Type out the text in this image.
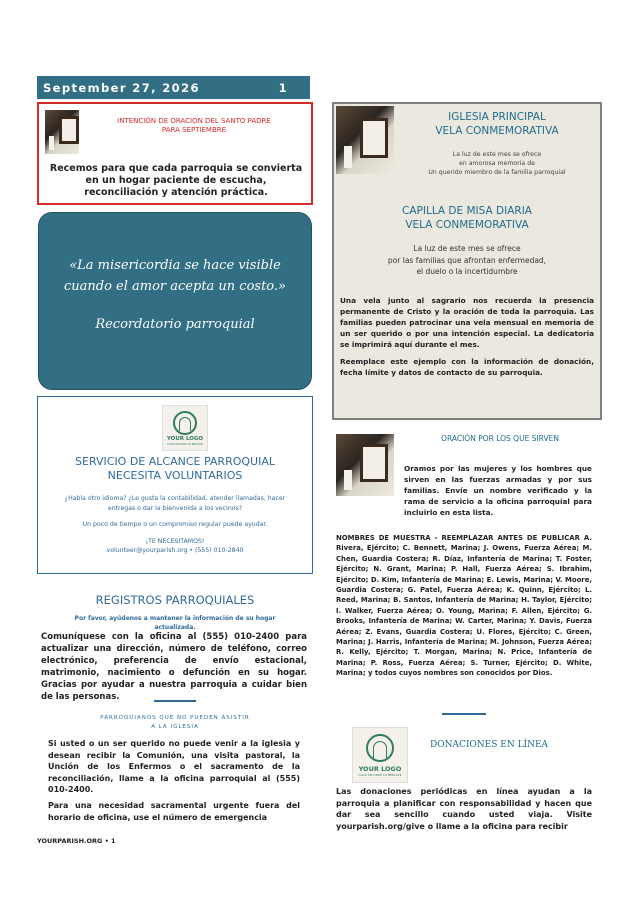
September 27, 2026	1
INTENCIÓN DE ORACIÓN DEL SANTO PADRE
PARA SEPTIEMBRE
Recemos para que cada parroquia se convierta en un hogar paciente de escucha, reconciliación y atención práctica.
«La misericordia se hace visible cuando el amor acepta un costo.»
Recordatorio parroquial
YOUR LOGO
CLICK OR DROP TO REPLACE
SERVICIO DE ALCANCE PARROQUIAL
NECESITA VOLUNTARIOS
¿Habla otro idioma? ¿Le gusta la contabilidad, atender llamadas, hacer entregas o dar la bienvenida a los vecinos?
Un poco de tiempo o un compromiso regular puede ayudar.
¡TE NECESITAMOS!
volunteer@yourparish.org • (555) 010-2840
REGISTROS PARROQUIALES
Por favor, ayúdenos a mantener la información de su hogar actualizada.
Comuníquese con la oficina al (555) 010-2400 para actualizar una dirección, número de teléfono, correo electrónico, preferencia de envío estacional, matrimonio, nacimiento o defunción en su hogar. Gracias por ayudar a nuestra parroquia a cuidar bien de las personas.
PARROQUIANOS QUE NO PUEDEN ASISTIR
A LA IGLESIA
Si usted o un ser querido no puede venir a la iglesia y desean recibir la Comunión, una visita pastoral, la Unción de los Enfermos o el sacramento de la reconciliación, llame a la oficina parroquial al (555) 010-2400.
Para una necesidad sacramental urgente fuera del horario de oficina, use el número de emergencia
YOURPARISH.ORG • 1
IGLESIA PRINCIPAL
VELA CONMEMORATIVA
La luz de este mes se ofrece
en amorosa memoria de
Un querido miembro de la familia parroquial
CAPILLA DE MISA DIARIA
VELA CONMEMORATIVA
La luz de este mes se ofrece
por las familias que afrontan enfermedad,
el duelo o la incertidumbre
Una vela junto al sagrario nos recuerda la presencia permanente de Cristo y la oración de toda la parroquia. Las familias pueden patrocinar una vela mensual en memoria de un ser querido o por una intención especial. La dedicatoria se imprimirá aquí durante el mes.
Reemplace este ejemplo con la información de donación, fecha límite y datos de contacto de su parroquia.
ORACIÓN POR LOS QUE SIRVEN
Oramos por las mujeres y los hombres que sirven en las fuerzas armadas y por sus familias. Envíe un nombre verificado y la rama de servicio a la oficina parroquial para incluirlo en esta lista.
NOMBRES DE MUESTRA - REEMPLAZAR ANTES DE PUBLICAR A. Rivera, Ejército; C. Bennett, Marina; J. Owens, Fuerza Aérea; M. Chen, Guardia Costera; R. Díaz, Infantería de Marina; T. Foster, Ejército; N. Grant, Marina; P. Hall, Fuerza Aérea; S. Ibrahim, Ejército; D. Kim, Infantería de Marina; E. Lewis, Marina; V. Moore, Guardia Costera; G. Patel, Fuerza Aérea; K. Quinn, Ejército; L. Reed, Marina; B. Santos, Infantería de Marina; H. Taylor, Ejército; I. Walker, Fuerza Aérea; O. Young, Marina; F. Allen, Ejército; G. Brooks, Infantería de Marina; W. Carter, Marina; Y. Davis, Fuerza Aérea; Z. Evans, Guardia Costera; U. Flores, Ejército; C. Green, Marina; J. Harris, Infantería de Marina; M. Johnson, Fuerza Aérea; R. Kelly, Ejército; T. Morgan, Marina; N. Price, Infantería de Marina; P. Ross, Fuerza Aérea; S. Turner, Ejército; D. White, Marina; y todos cuyos nombres son conocidos por Dios.
YOUR LOGO
CLICK OR DROP TO REPLACE
DONACIONES EN LÍNEA
Las donaciones periódicas en línea ayudan a la parroquia a planificar con responsabilidad y hacen que dar sea sencillo cuando usted viaja. Visite yourparish.org/give o llame a la oficina para recibir
